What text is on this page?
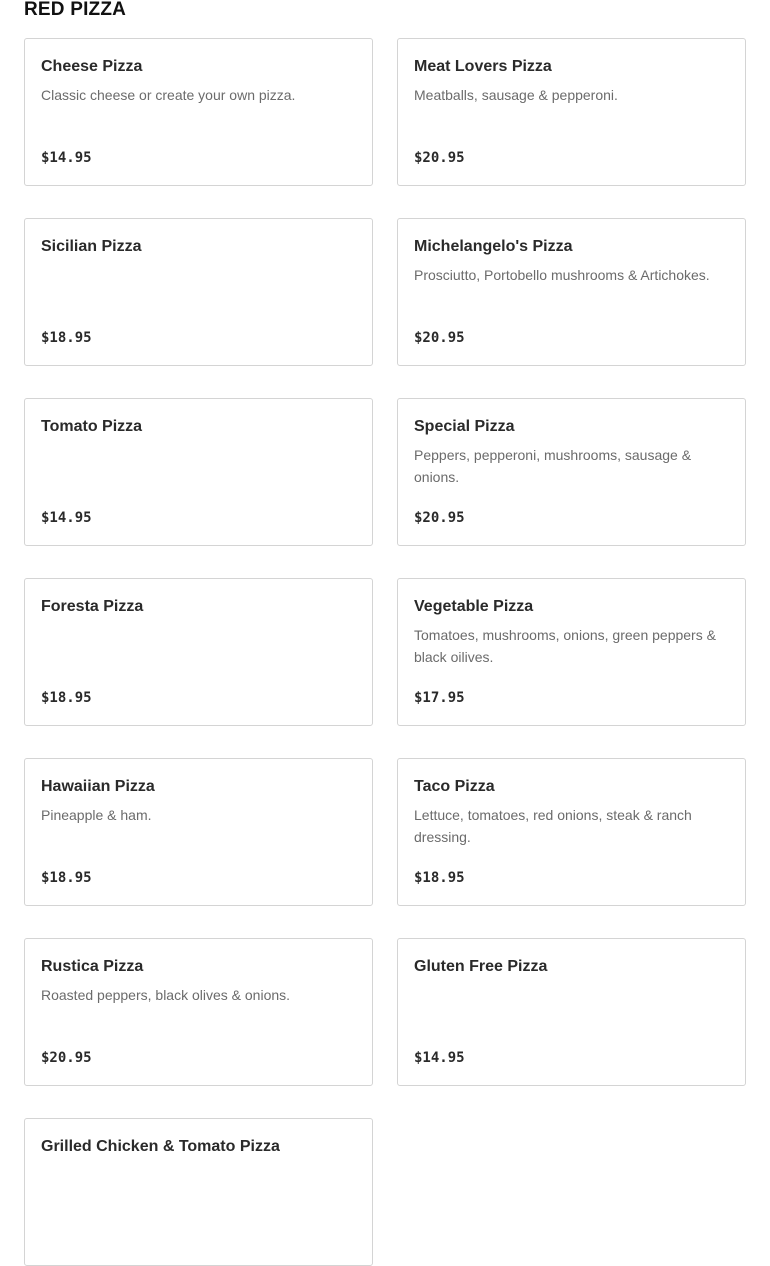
RED PIZZA
Cheese Pizza
Classic cheese or create your own pizza.
$14.95
Meat Lovers Pizza
Meatballs, sausage & pepperoni.
$20.95
Sicilian Pizza
$18.95
Michelangelo's Pizza
Prosciutto, Portobello mushrooms & Artichokes.
$20.95
Tomato Pizza
$14.95
Special Pizza
Peppers, pepperoni, mushrooms, sausage & onions.
$20.95
Foresta Pizza
$18.95
Vegetable Pizza
Tomatoes, mushrooms, onions, green peppers & black oilives.
$17.95
Hawaiian Pizza
Pineapple & ham.
$18.95
Taco Pizza
Lettuce, tomatoes, red onions, steak & ranch dressing.
$18.95
Rustica Pizza
Roasted peppers, black olives & onions.
$20.95
Gluten Free Pizza
$14.95
Grilled Chicken & Tomato Pizza
